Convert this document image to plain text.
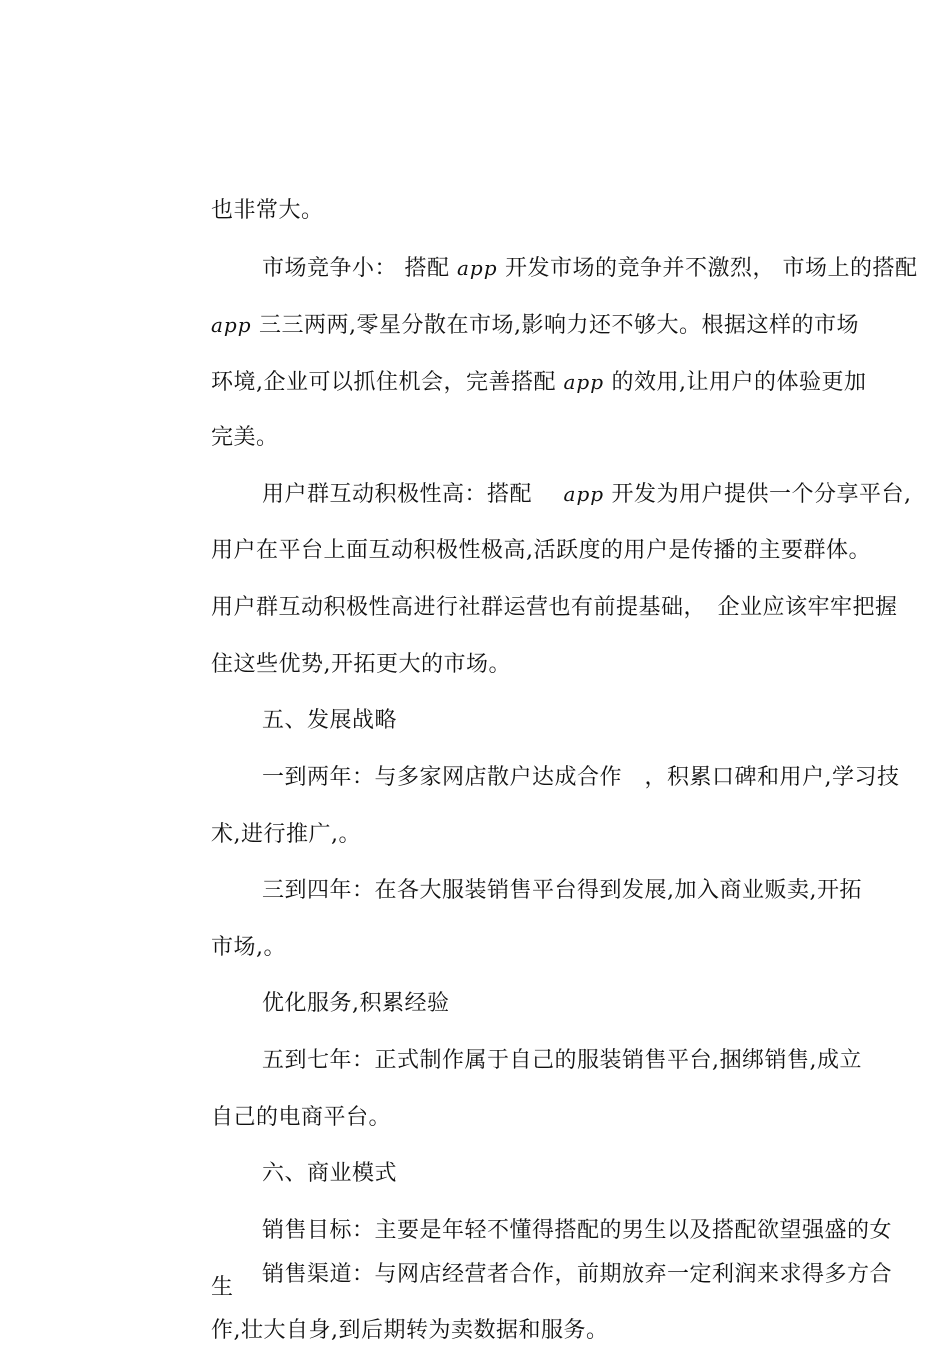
也非常大。
市场竞争小： 搭配 app 开发市场的竞争并不激烈， 市场上的搭配
app 三三两两,零星分散在市场,影响力还不够大。根据这样的市场
环境,企业可以抓住机会，完善搭配 app 的效用,让用户的体验更加
完美。
用户群互动积极性高：搭配 app 开发为用户提供一个分享平台,
用户在平台上面互动积极性极高,活跃度的用户是传播的主要群体。
用户群互动积极性高进行社群运营也有前提基础，　企业应该牢牢把握
住这些优势,开拓更大的市场。
五、发展战略
一到两年：与多家网店散户达成合作　，积累口碑和用户,学习技
术,进行推广,。
三到四年：在各大服装销售平台得到发展,加入商业贩卖,开拓
市场,。
优化服务,积累经验
五到七年：正式制作属于自己的服装销售平台,捆绑销售,成立
自己的电商平台。
六、商业模式
销售目标：主要是年轻不懂得搭配的男生以及搭配欲望强盛的女
生
销售渠道：与网店经营者合作，前期放弃一定利润来求得多方合
作,壮大自身,到后期转为卖数据和服务。
